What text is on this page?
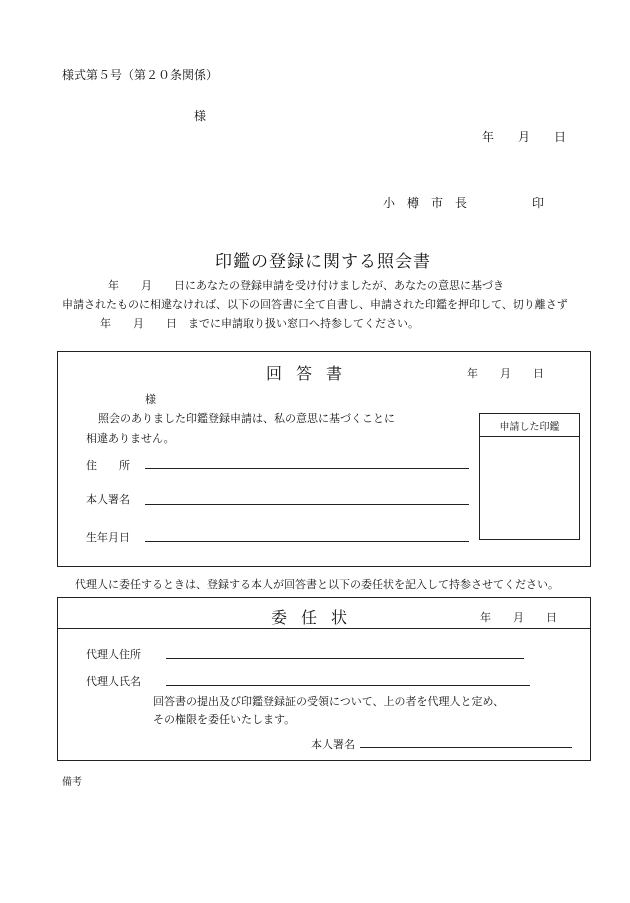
様式第５号（第２０条関係）
様
年　　月　　日
小　樽　市　長	印
印鑑の登録に関する照会書
年　　月　　日にあなたの登録申請を受け付けましたが、あなたの意思に基づき
申請されたものに相違なければ、以下の回答書に全て自書し、申請された印鑑を押印して、切り離さず
年　　月　　日　までに申請取り扱い窓口へ持参してください。
回答書	年　　月　　日
様
照会のありました印鑑登録申請は、私の意思に基づくことに
相違ありません。
申請した印鑑
住　　所
本人署名
生年月日
代理人に委任するときは、登録する本人が回答書と以下の委任状を記入して持参させてください。
委任状	年　　月　　日
代理人住所
代理人氏名
回答書の提出及び印鑑登録証の受領について、上の者を代理人と定め、
その権限を委任いたします。
本人署名
備考
